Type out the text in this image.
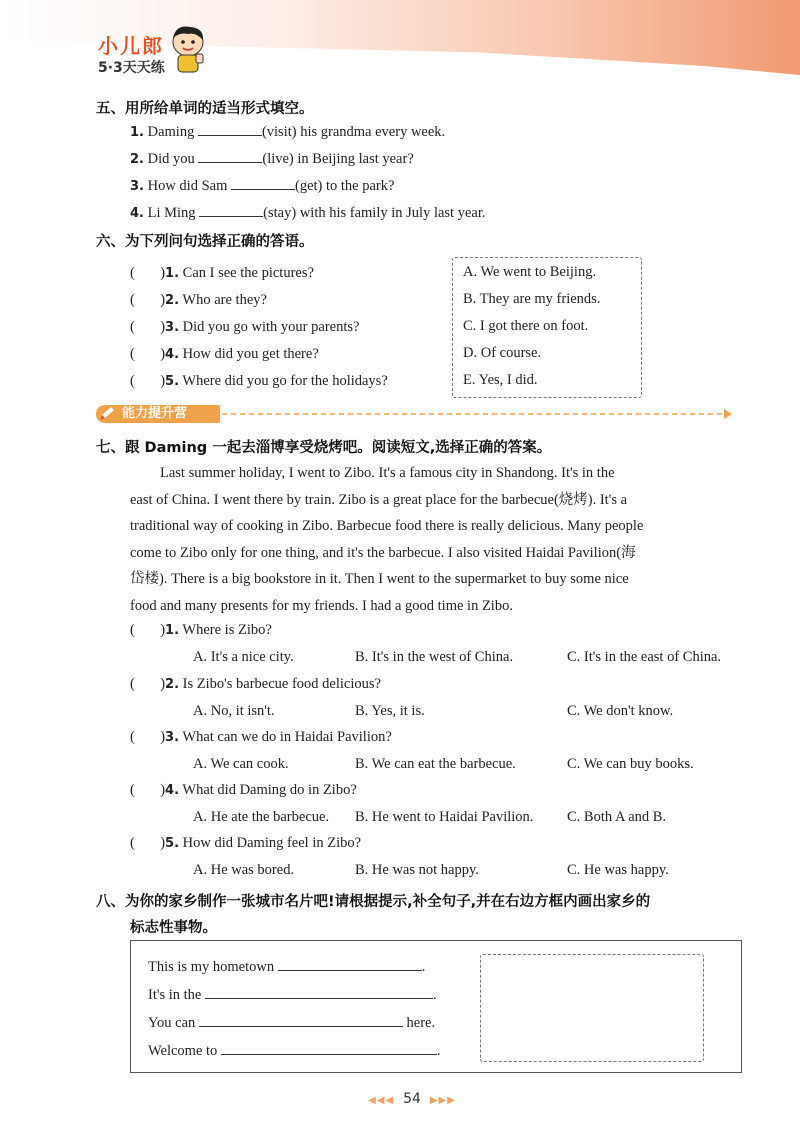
小儿郎
5·3天天练
五、用所给单词的适当形式填空。
1. Daming	(visit) his grandma every week.
2. Did you	(live) in Beijing last year?
3. How did Sam	(get) to the park?
4. Li Ming	(stay) with his family in July last year.
六、为下列问句选择正确的答语。
(       )1. Can I see the pictures?
(       )2. Who are they?
(       )3. Did you go with your parents?
(       )4. How did you get there?
(       )5. Where did you go for the holidays?
A. We went to Beijing.
B. They are my friends.
C. I got there on foot.
D. Of course.
E. Yes, I did.
能力提升营
七、跟 Daming 一起去淄博享受烧烤吧。阅读短文,选择正确的答案。
Last summer holiday, I went to Zibo. It's a famous city in Shandong. It's in the
east of China. I went there by train. Zibo is a great place for the barbecue(烧烤). It's a
traditional way of cooking in Zibo. Barbecue food there is really delicious. Many people
come to Zibo only for one thing, and it's the barbecue. I also visited Haidai Pavilion(海
岱楼). There is a big bookstore in it. Then I went to the supermarket to buy some nice
food and many presents for my friends. I had a good time in Zibo.
(       )1. Where is Zibo?
A. It's a nice city.	B. It's in the west of China.	C. It's in the east of China.
(       )2. Is Zibo's barbecue food delicious?
A. No, it isn't.	B. Yes, it is.	C. We don't know.
(       )3. What can we do in Haidai Pavilion?
A. We can cook.	B. We can eat the barbecue.	C. We can buy books.
(       )4. What did Daming do in Zibo?
A. He ate the barbecue. B. He went to Haidai Pavilion. C. Both A and B.
(       )5. How did Daming feel in Zibo?
A. He was bored.	B. He was not happy.	C. He was happy.
八、为你的家乡制作一张城市名片吧!请根据提示,补全句子,并在右边方框内画出家乡的
标志性事物。
This is my hometown	.
It's in the	.
You can	here.
Welcome to	.
◀◀◀ 54 ▶▶▶
